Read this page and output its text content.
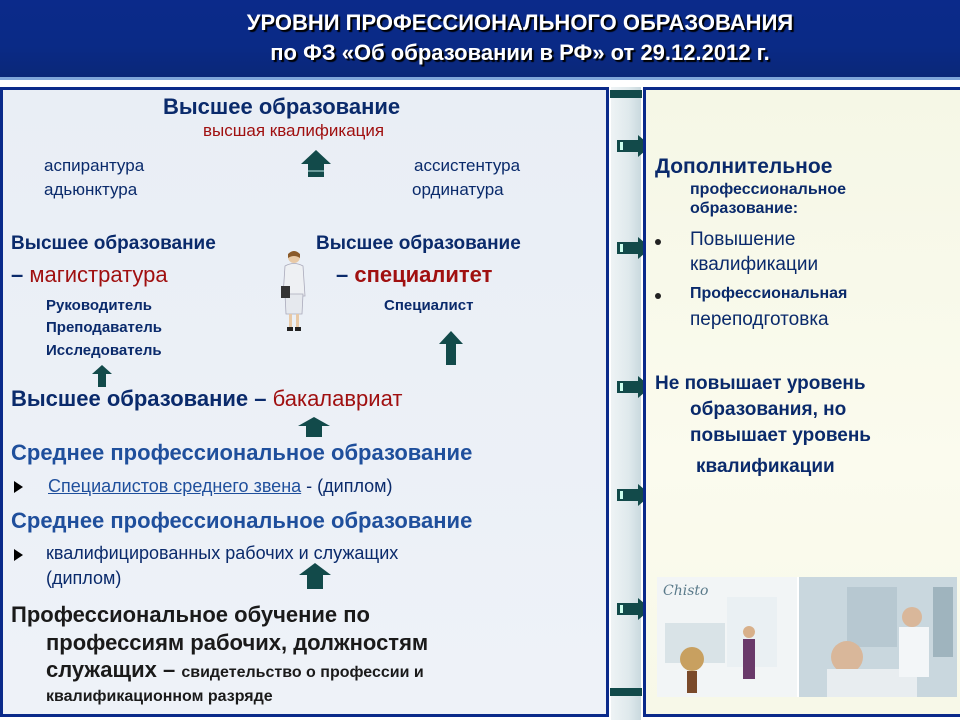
УРОВНИ ПРОФЕССИОНАЛЬНОГО ОБРАЗОВАНИЯ
по ФЗ «Об образовании в РФ» от 29.12.2012 г.
Высшее образование
высшая квалификация
аспирантура
адьюнктура
ассистентура
ординатура
Высшее образование
– магистратура
Высшее образование
– специалитет
Руководитель
Преподаватель
Исследователь
Специалист
Высшее образование – бакалавриат
Среднее профессиональное образование
Специалистов среднего звена - (диплом)
Среднее профессиональное образование
квалифицированных рабочих и служащих
(диплом)
Профессиональное обучение по
профессиям рабочих, должностям
служащих – свидетельство о профессии и
квалификационном разряде
Дополнительное
профессиональное
образование:
Повышение
квалификации
Профессиональная
переподготовка
Не повышает уровень
образования, но
повышает уровень
квалификации
Chisto
